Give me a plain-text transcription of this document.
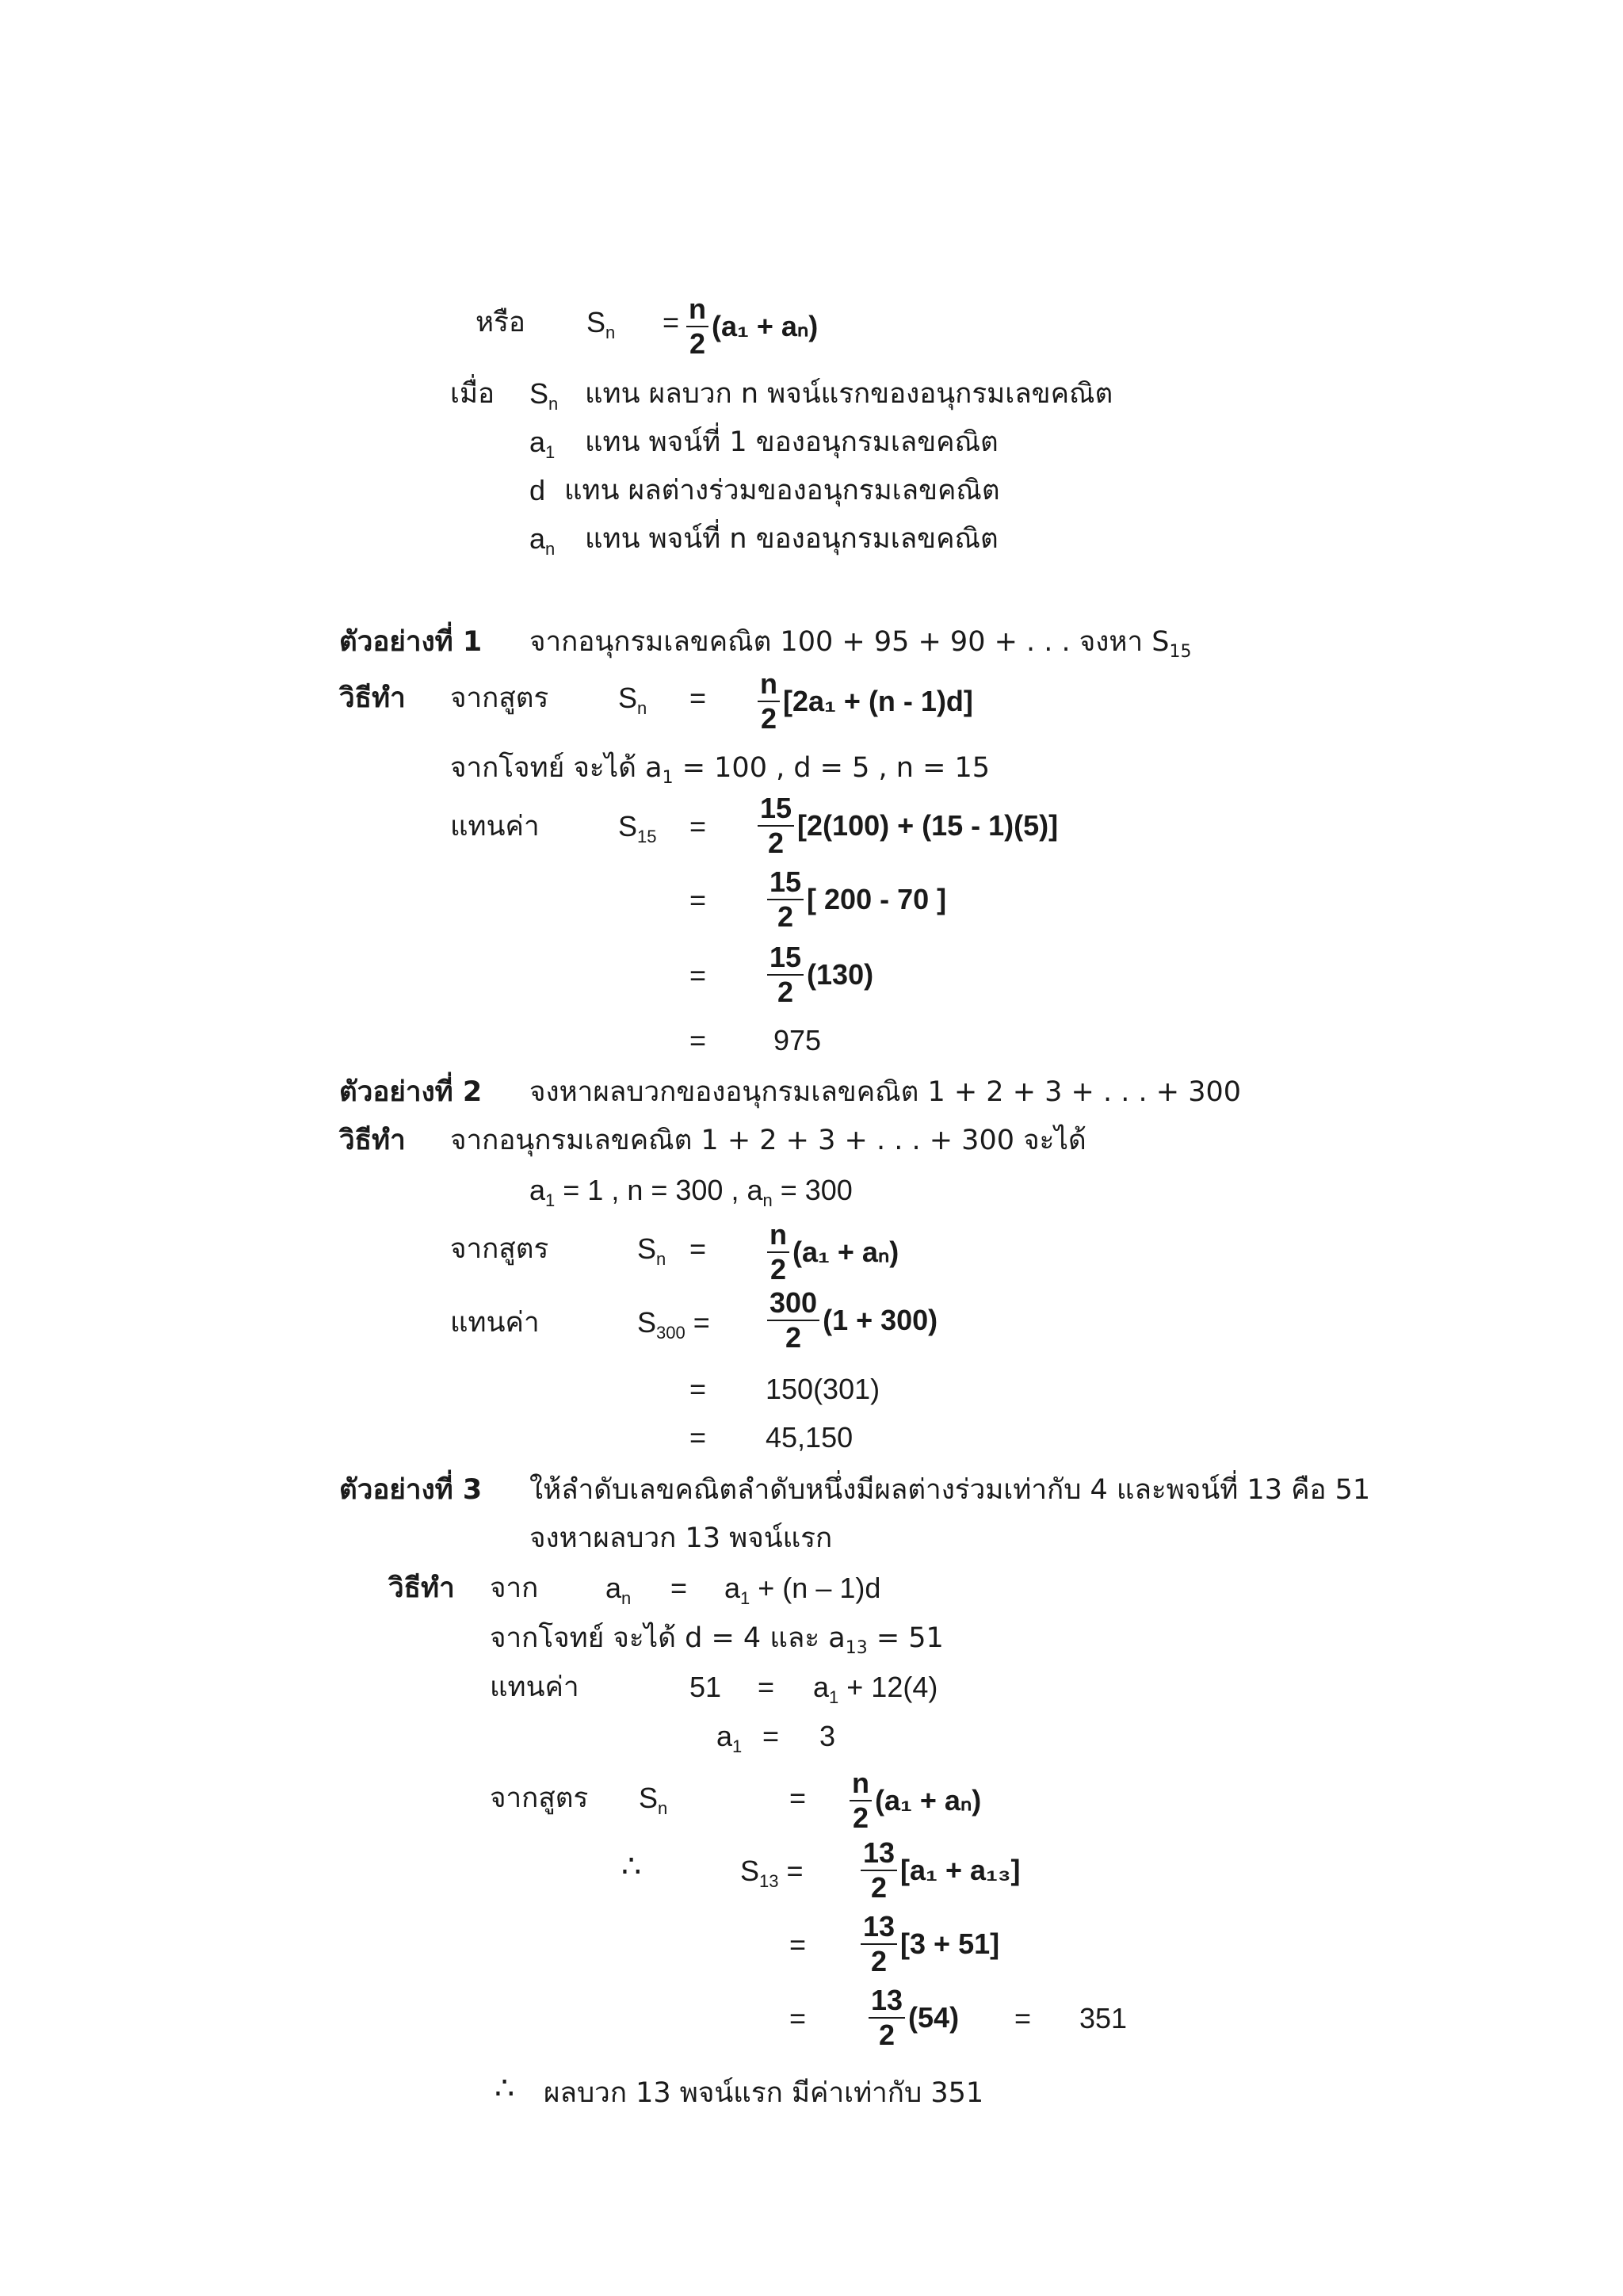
หรือ $S_n = \frac{n}{2} (a_1 + a_n)$
เมื่อ $S_n$ แทน ผลบวก n พจน์แรกของอนุกรมเลขคณิต
$a_1$ แทน พจน์ที่ 1 ของอนุกรมเลขคณิต
d แทน ผลต่างร่วมของอนุกรมเลขคณิต
$a_n$ แทน พจน์ที่ n ของอนุกรมเลขคณิต
ตัวอย่างที่ 1 จากอนุกรมเลขคณิต 100 + 95 + 90 + . . . จงหา $S_{15}$
วิธีทำ จากสูตร $S_n = \frac{n}{2} [2a_1 + (n - 1)d]$
จากโจทย์ จะได้ $a_1 = 100$ , d = 5 , n = 15
แทนค่า	$S_{15} = \frac{15}{2} [2(100) + (15 - 1)(5)]$
= $\frac{15}{2}$ [ 200 - 70 ]
= $\frac{15}{2} (130)$
= 975
ตัวอย่างที่ 2 จงหาผลบวกของอนุกรมเลขคณิต 1 + 2 + 3 + . . . + 300
วิธีทำ จากอนุกรมเลขคณิต 1 + 2 + 3 + . . . + 300 จะได้
$a_1 = 1$ , n = 300 , $a_n = 300$
จากสูตร	$S_n = \frac{n}{2} (a_1 + a_n)$
แทนค่า	$S_{300} = \frac{300}{2} (1 + 300)$
= 150(301)
= 45,150
ตัวอย่างที่ 3 ให้ลำดับเลขคณิตลำดับหนึ่งมีผลต่างร่วมเท่ากับ 4 และพจน์ที่ 13 คือ 51
จงหาผลบวก 13 พจน์แรก
วิธีทำ จาก $a_n = a_1 + (n - 1)d$
จากโจทย์ จะได้ d = 4 และ $a_{13} = 51$
แทนค่า	$51 = a_1 + 12(4)$
$a_1 = 3$
จากสูตร $S_n$	= $\frac{n}{2} (a_1 + a_n)$
∴	$S_{13} = \frac{13}{2} [a_1 + a_{13}]$
= $\frac{13}{2} [3 + 51]$
= $\frac{13}{2} (54) = 351$
∴ ผลบวก 13 พจน์แรก มีค่าเท่ากับ 351
